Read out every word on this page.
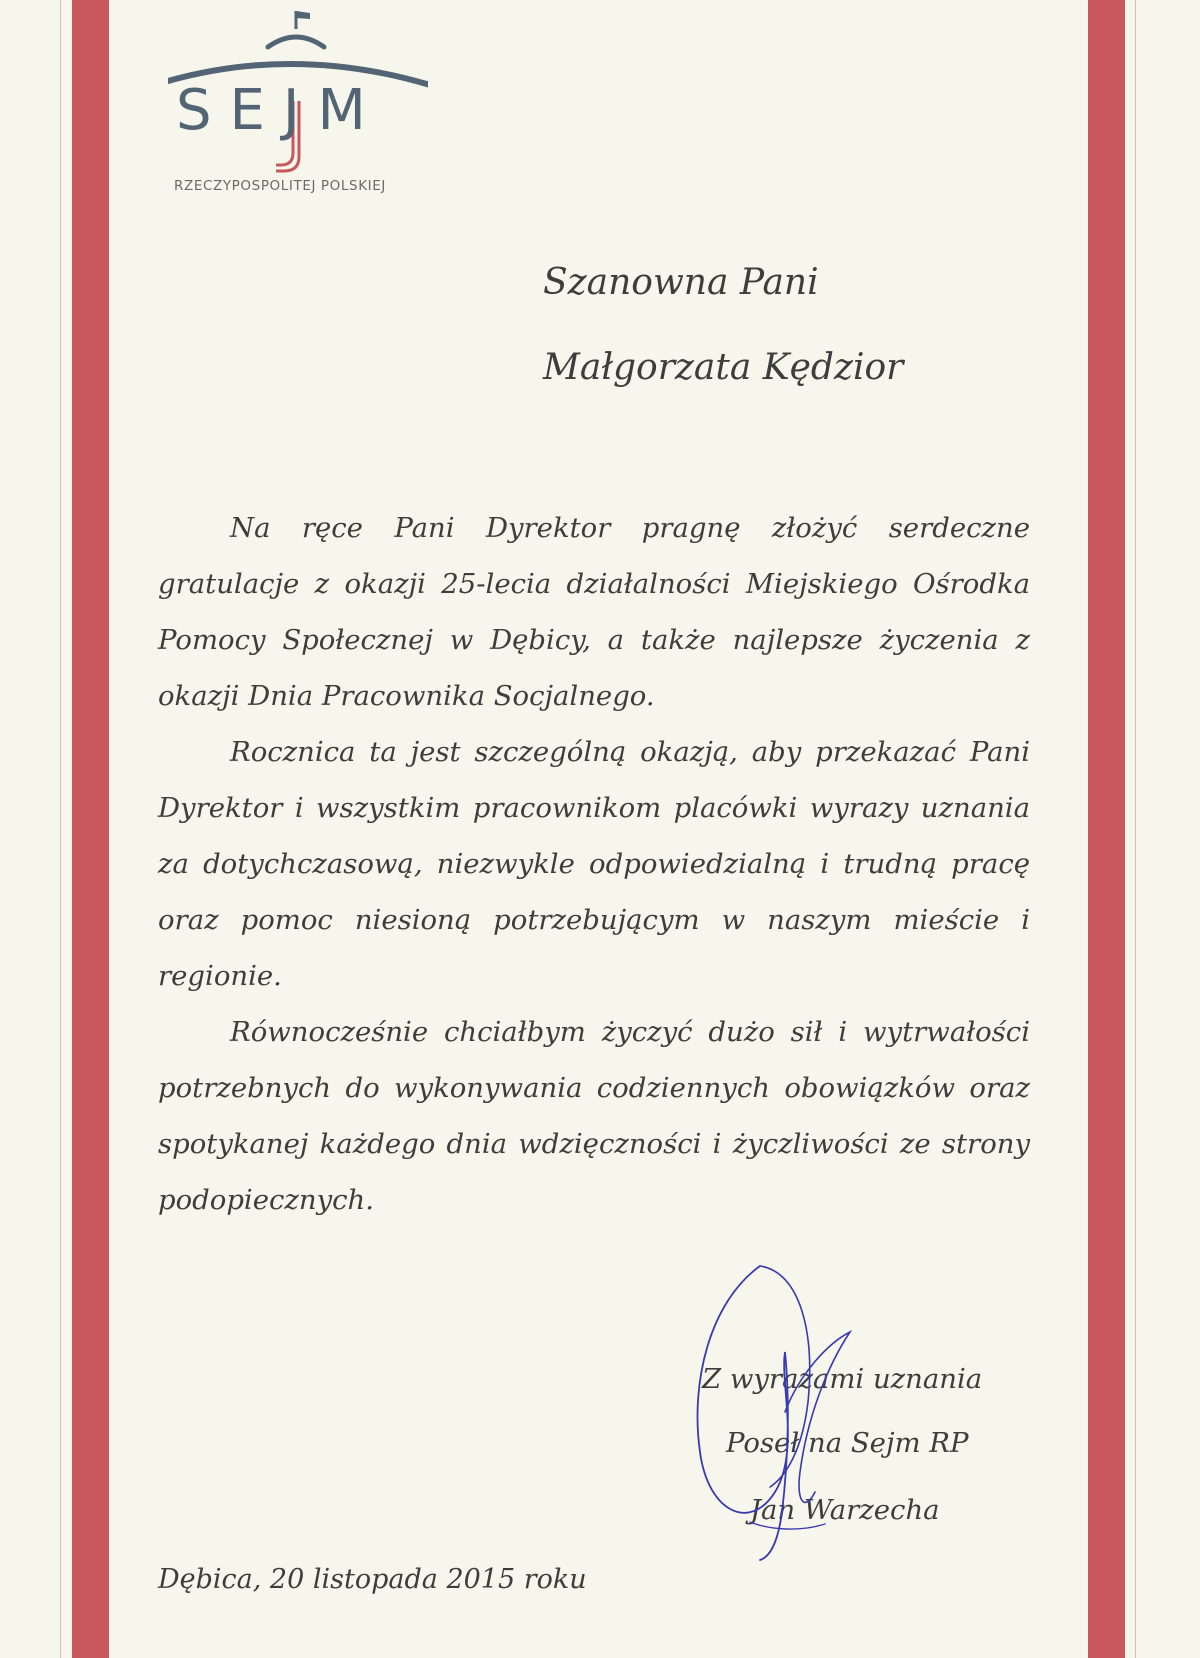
SEJM
RZECZYPOSPOLITEJ POLSKIEJ
Szanowna Pani
Małgorzata Kędzior

Na ręce Pani Dyrektor pragnę złożyć serdeczne gratulacje z okazji 25-lecia działalności Miejskiego Ośrodka Pomocy Społecznej w Dębicy, a także najlepsze życzenia z okazji Dnia Pracownika Socjalnego.

Rocznica ta jest szczególną okazją, aby przekazać Pani Dyrektor i wszystkim pracownikom placówki wyrazy uznania za dotychczasową, niezwykle odpowiedzialną i trudną pracę oraz pomoc niesioną potrzebującym w naszym mieście i regionie.

Równocześnie chciałbym życzyć dużo sił i wytrwałości potrzebnych do wykonywania codziennych obowiązków oraz spotykanej każdego dnia wdzięczności i życzliwości ze strony podopiecznych.

Z wyrazami uznania
Poseł na Sejm RP
Jan Warzecha
Dębica, 20 listopada 2015 roku
